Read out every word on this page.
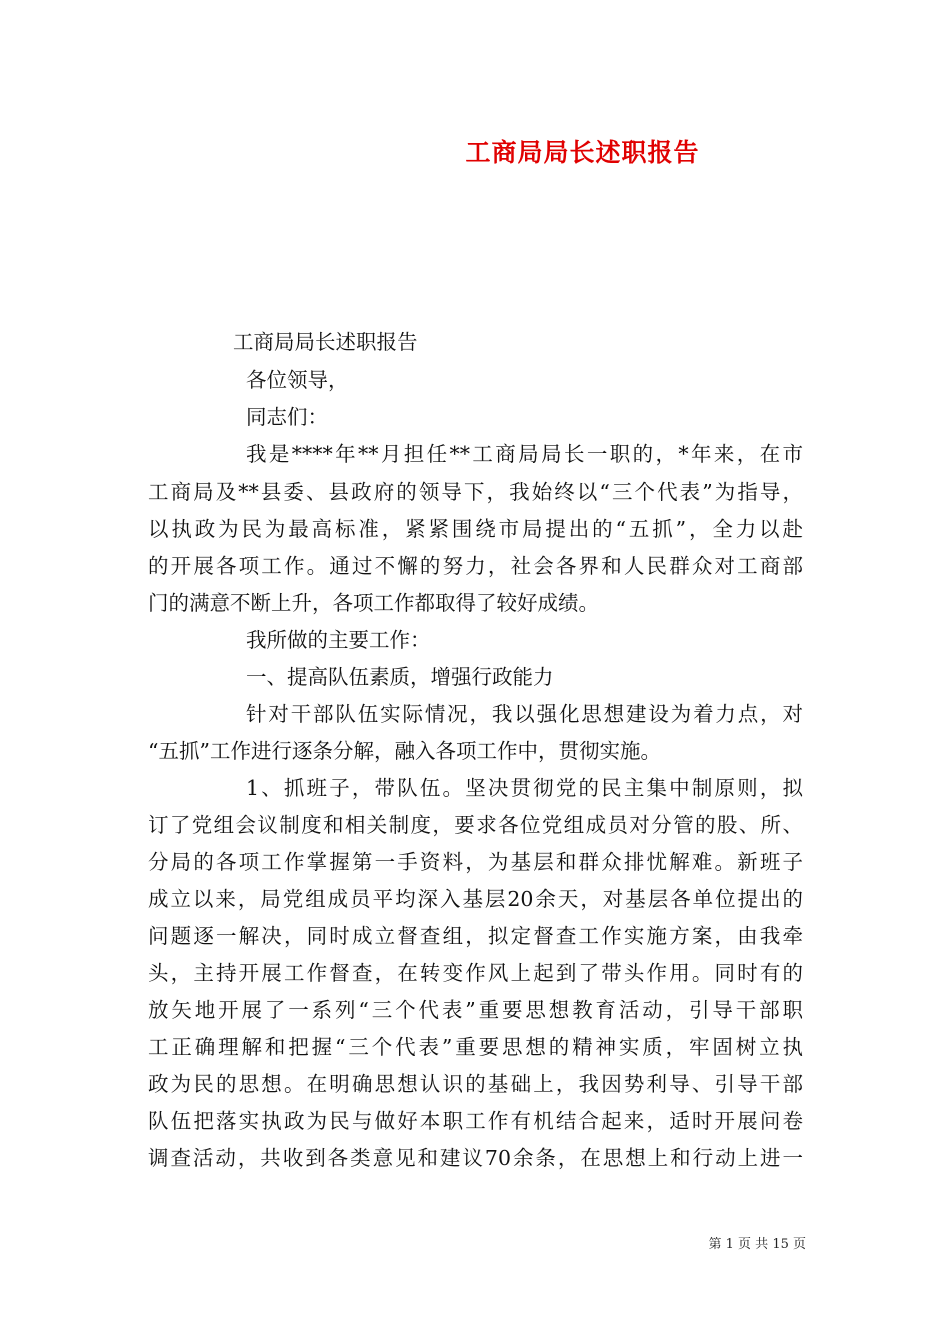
工商局局长述职报告
工商局局长述职报告
各位领导，
同志们：
我是****年**月担任**工商局局长一职的，*年来，在市
工商局及**县委、县政府的领导下，我始终以“三个代表”为指导，
以执政为民为最高标准，紧紧围绕市局提出的“五抓”，全力以赴
的开展各项工作。通过不懈的努力，社会各界和人民群众对工商部
门的满意不断上升，各项工作都取得了较好成绩。
我所做的主要工作：
一、提高队伍素质，增强行政能力
针对干部队伍实际情况，我以强化思想建设为着力点，对
“五抓”工作进行逐条分解，融入各项工作中，贯彻实施。
1、抓班子，带队伍。坚决贯彻党的民主集中制原则，拟
订了党组会议制度和相关制度，要求各位党组成员对分管的股、所、
分局的各项工作掌握第一手资料，为基层和群众排忧解难。新班子
成立以来，局党组成员平均深入基层20余天，对基层各单位提出的
问题逐一解决，同时成立督查组，拟定督查工作实施方案，由我牵
头，主持开展工作督查，在转变作风上起到了带头作用。同时有的
放矢地开展了一系列“三个代表”重要思想教育活动，引导干部职
工正确理解和把握“三个代表”重要思想的精神实质，牢固树立执
政为民的思想。在明确思想认识的基础上，我因势利导、引导干部
队伍把落实执政为民与做好本职工作有机结合起来，适时开展问卷
调查活动，共收到各类意见和建议70余条，在思想上和行动上进一
第 1 页 共 15 页
